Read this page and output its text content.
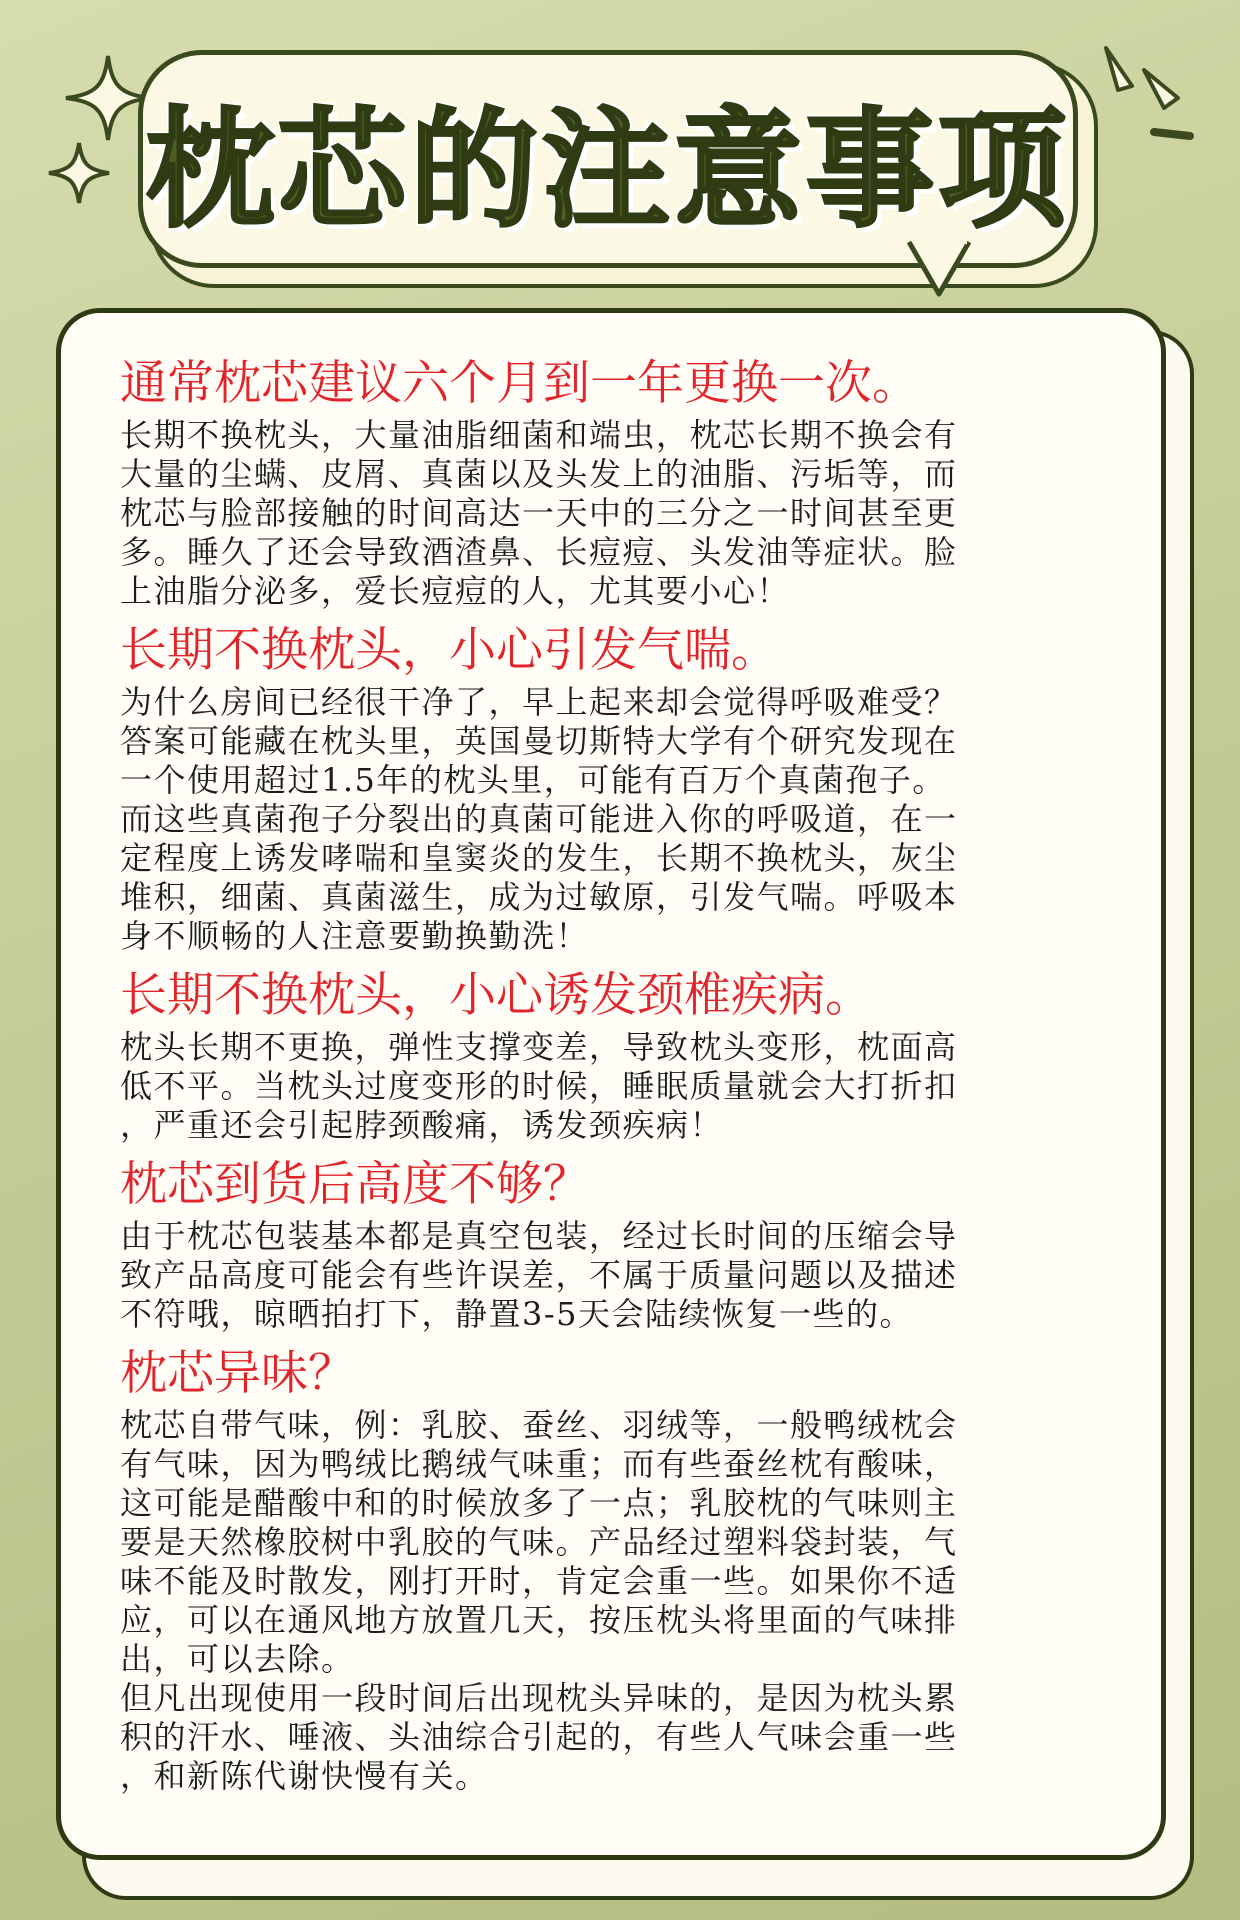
枕芯的注意事项

通常枕芯建议六个月到一年更换一次。

长期不换枕头，大量油脂细菌和端虫，枕芯长期不换会有
大量的尘螨、皮屑、真菌以及头发上的油脂、污垢等，而
枕芯与脸部接触的时间高达一天中的三分之一时间甚至更
多。睡久了还会导致酒渣鼻、长痘痘、头发油等症状。脸
上油脂分泌多，爱长痘痘的人，尤其要小心！

长期不换枕头，小心引发气喘。

为什么房间已经很干净了，早上起来却会觉得呼吸难受？
答案可能藏在枕头里，英国曼切斯特大学有个研究发现在
一个使用超过1.5年的枕头里，可能有百万个真菌孢子。
而这些真菌孢子分裂出的真菌可能进入你的呼吸道，在一
定程度上诱发哮喘和皇窦炎的发生，长期不换枕头，灰尘
堆积，细菌、真菌滋生，成为过敏原，引发气喘。呼吸本
身不顺畅的人注意要勤换勤洗！

长期不换枕头，小心诱发颈椎疾病。

枕头长期不更换，弹性支撑变差，导致枕头变形，枕面高
低不平。当枕头过度变形的时候，睡眠质量就会大打折扣
，严重还会引起脖颈酸痛，诱发颈疾病！

枕芯到货后高度不够？

由于枕芯包装基本都是真空包装，经过长时间的压缩会导
致产品高度可能会有些许误差，不属于质量问题以及描述
不符哦，晾晒拍打下，静置3-5天会陆续恢复一些的。

枕芯异味？

枕芯自带气味，例：乳胶、蚕丝、羽绒等，一般鸭绒枕会
有气味，因为鸭绒比鹅绒气味重；而有些蚕丝枕有酸味，
这可能是醋酸中和的时候放多了一点；乳胶枕的气味则主
要是天然橡胶树中乳胶的气味。产品经过塑料袋封装，气
味不能及时散发，刚打开时，肯定会重一些。如果你不适
应，可以在通风地方放置几天，按压枕头将里面的气味排
出，可以去除。
但凡出现使用一段时间后出现枕头异味的，是因为枕头累
积的汗水、唾液、头油综合引起的，有些人气味会重一些
，和新陈代谢快慢有关。
